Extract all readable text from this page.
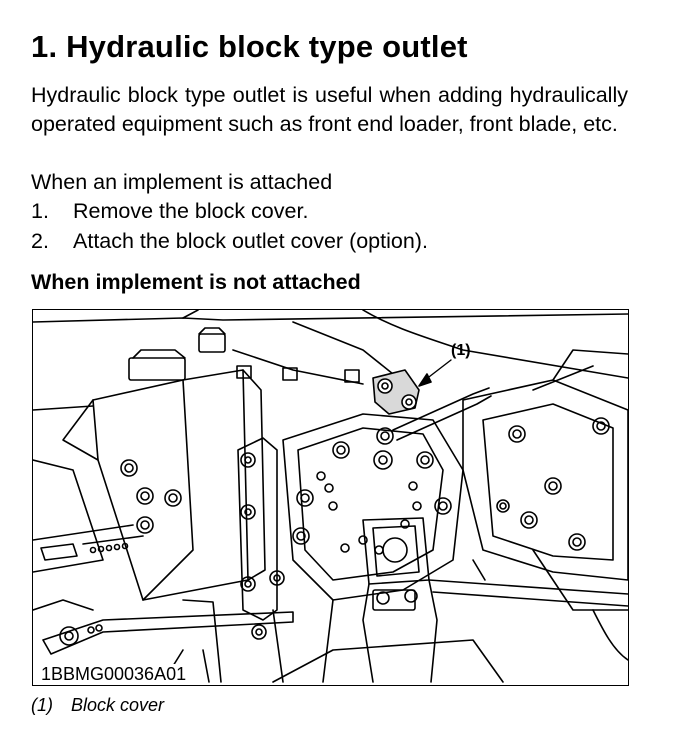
1. Hydraulic block type outlet

Hydraulic block type outlet is useful when adding hydraulically operated equipment such as front end loader, front blade, etc.

When an implement is attached

1. Remove the block cover.

2. Attach the block outlet cover (option).

When implement is not attached
(1)
1BBMG00036A01

(1) Block cover
